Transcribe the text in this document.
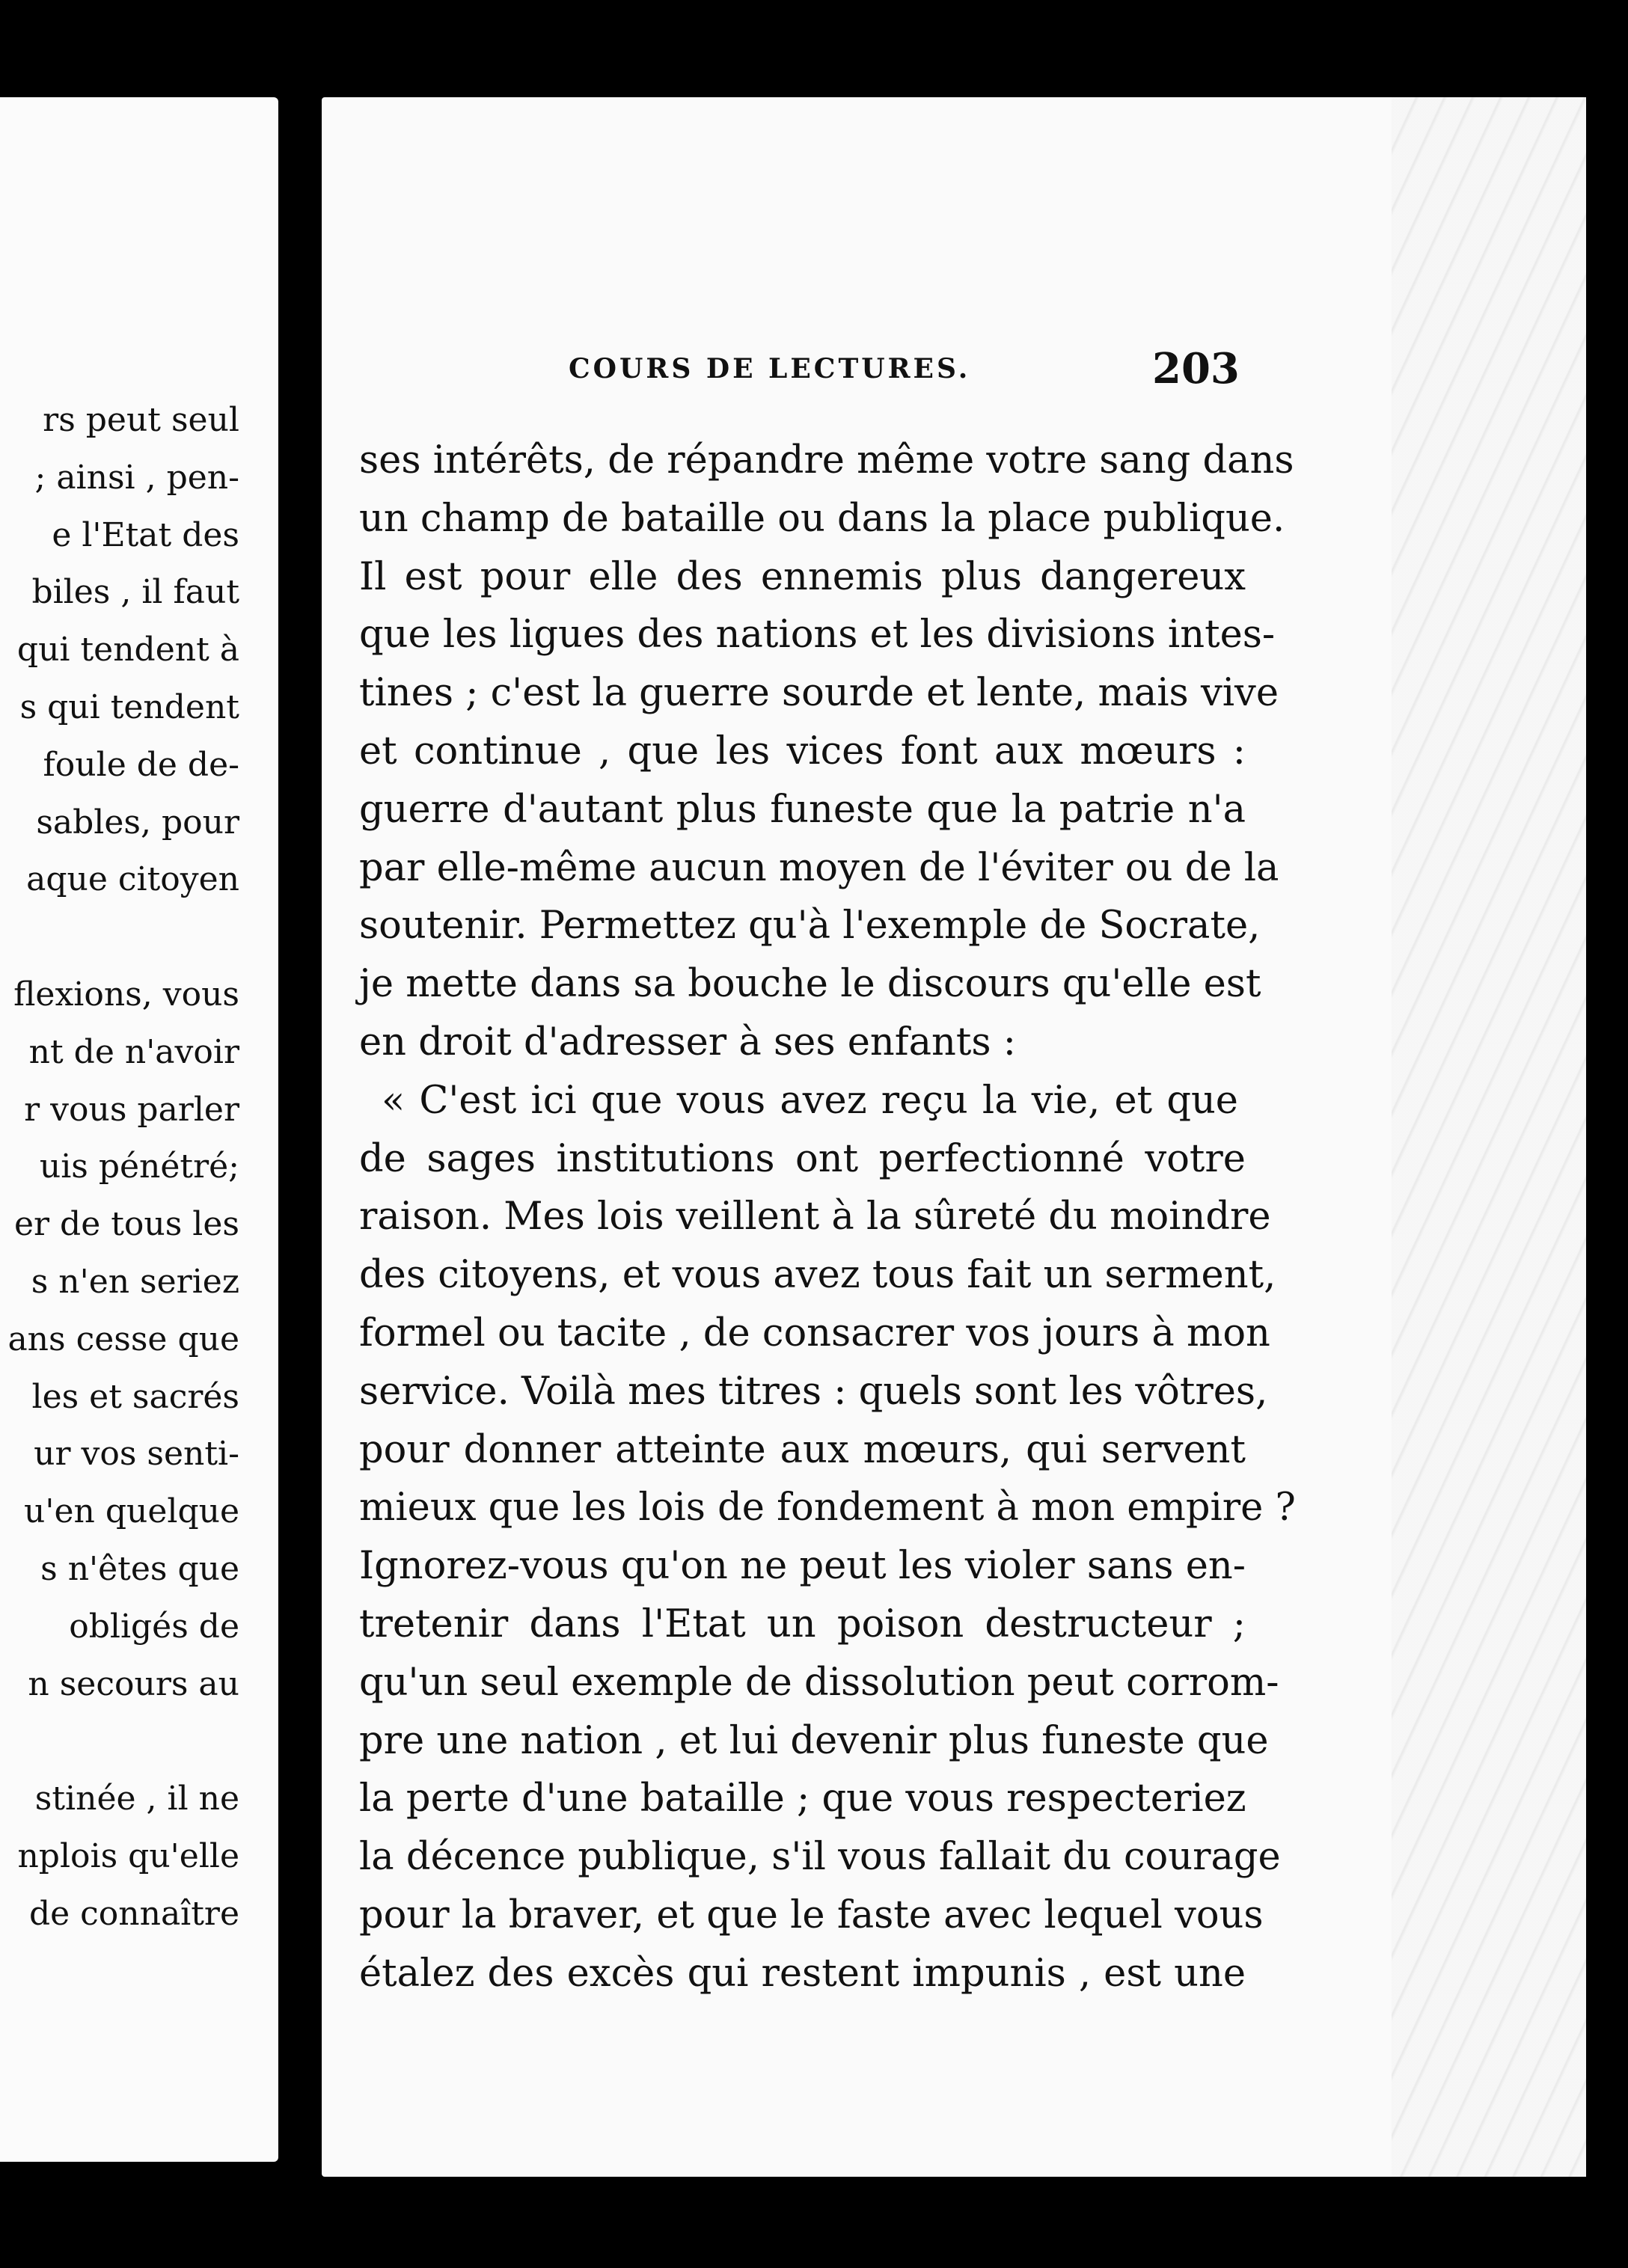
rs peut seul
; ainsi , pen-
e l'Etat des
biles , il faut
qui tendent à
s qui tendent
foule de de-
sables, pour
aque citoyen
flexions, vous
nt de n'avoir
r vous parler
uis pénétré;
er de tous les
s n'en seriez
ans cesse que
les et sacrés
ur vos senti-
u'en quelque
s n'êtes que
obligés de
n secours au
stinée , il ne
nplois qu'elle
de connaître
COURS DE LECTURES.	203
ses intérêts, de répandre même votre sang dans
un champ de bataille ou dans la place publique.
Il est pour elle des ennemis plus dangereux
que les ligues des nations et les divisions intes-
tines ; c'est la guerre sourde et lente, mais vive
et continue , que les vices font aux mœurs :
guerre d'autant plus funeste que la patrie n'a
par elle-même aucun moyen de l'éviter ou de la
soutenir. Permettez qu'à l'exemple de Socrate,
je mette dans sa bouche le discours qu'elle est
en droit d'adresser à ses enfants :
« C'est ici que vous avez reçu la vie, et que
de sages institutions ont perfectionné votre
raison. Mes lois veillent à la sûreté du moindre
des citoyens, et vous avez tous fait un serment,
formel ou tacite , de consacrer vos jours à mon
service. Voilà mes titres : quels sont les vôtres,
pour donner atteinte aux mœurs, qui servent
mieux que les lois de fondement à mon empire ?
Ignorez-vous qu'on ne peut les violer sans en-
tretenir dans l'Etat un poison destructeur ;
qu'un seul exemple de dissolution peut corrom-
pre une nation , et lui devenir plus funeste que
la perte d'une bataille ; que vous respecteriez
la décence publique, s'il vous fallait du courage
pour la braver, et que le faste avec lequel vous
étalez des excès qui restent impunis , est une
